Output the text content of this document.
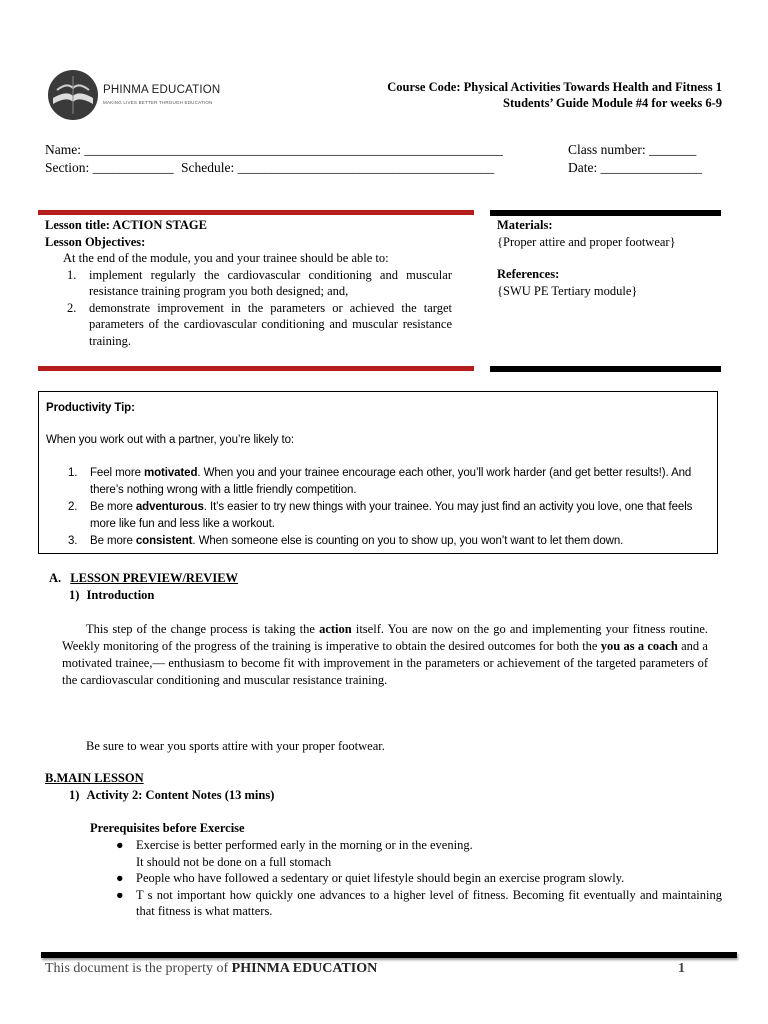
PHINMA EDUCATION
MAKING LIVES BETTER THROUGH EDUCATION
Course Code: Physical Activities Towards Health and Fitness 1
Students’ Guide Module #4 for weeks 6-9
Name: ______________________________________________________________	Class number: _______
Section: ____________ Schedule: ______________________________________	Date: _______________
Lesson title: ACTION STAGE
Lesson Objectives:
At the end of the module, you and your trainee should be able to:
1. implement regularly the cardiovascular conditioning and muscular resistance training program you both designed; and,
2. demonstrate improvement in the parameters or achieved the target parameters of the cardiovascular conditioning and muscular resistance training.
Materials:
{Proper attire and proper footwear}
References:
{SWU PE Tertiary module}
Productivity Tip:
When you work out with a partner, you’re likely to:
1. Feel more motivated. When you and your trainee encourage each other, you’ll work harder (and get better results!). And there’s nothing wrong with a little friendly competition.
2. Be more adventurous. It’s easier to try new things with your trainee. You may just find an activity you love, one that feels more like fun and less like a workout.
3. Be more consistent. When someone else is counting on you to show up, you won’t want to let them down.
A. LESSON PREVIEW/REVIEW
1) Introduction
This step of the change process is taking the action itself. You are now on the go and implementing your fitness routine. Weekly monitoring of the progress of the training is imperative to obtain the desired outcomes for both the you as a coach and a motivated trainee,— enthusiasm to become fit with improvement in the parameters or achievement of the targeted parameters of the cardiovascular conditioning and muscular resistance training.
Be sure to wear you sports attire with your proper footwear.
B.MAIN LESSON
1) Activity 2: Content Notes (13 mins)
Prerequisites before Exercise
● Exercise is better performed early in the morning or in the evening.
It should not be done on a full stomach
● People who have followed a sedentary or quiet lifestyle should begin an exercise program slowly.
● T s not important how quickly one advances to a higher level of fitness. Becoming fit eventually and maintaining that fitness is what matters.
This document is the property of PHINMA EDUCATION	1
